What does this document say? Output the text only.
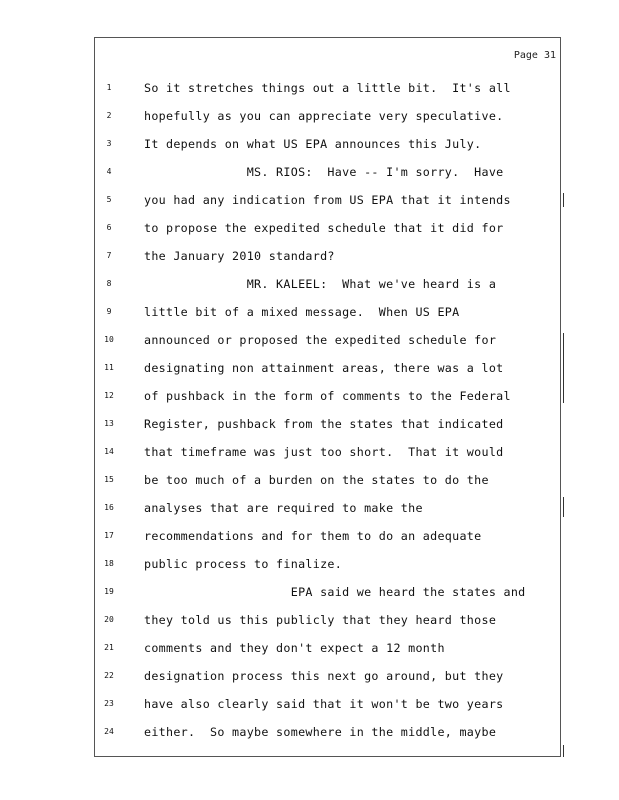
Page 31
1	So it stretches things out a little bit.  It's all
2	hopefully as you can appreciate very speculative.
3	It depends on what US EPA announces this July.
4	MS. RIOS:  Have -- I'm sorry.  Have
5	you had any indication from US EPA that it intends
6	to propose the expedited schedule that it did for
7	the January 2010 standard?
8	MR. KALEEL:  What we've heard is a
9	little bit of a mixed message.  When US EPA
10	announced or proposed the expedited schedule for
11	designating non attainment areas, there was a lot
12	of pushback in the form of comments to the Federal
13	Register, pushback from the states that indicated
14	that timeframe was just too short.  That it would
15	be too much of a burden on the states to do the
16	analyses that are required to make the
17	recommendations and for them to do an adequate
18	public process to finalize.
19	EPA said we heard the states and
20	they told us this publicly that they heard those
21	comments and they don't expect a 12 month
22	designation process this next go around, but they
23	have also clearly said that it won't be two years
24	either.  So maybe somewhere in the middle, maybe
